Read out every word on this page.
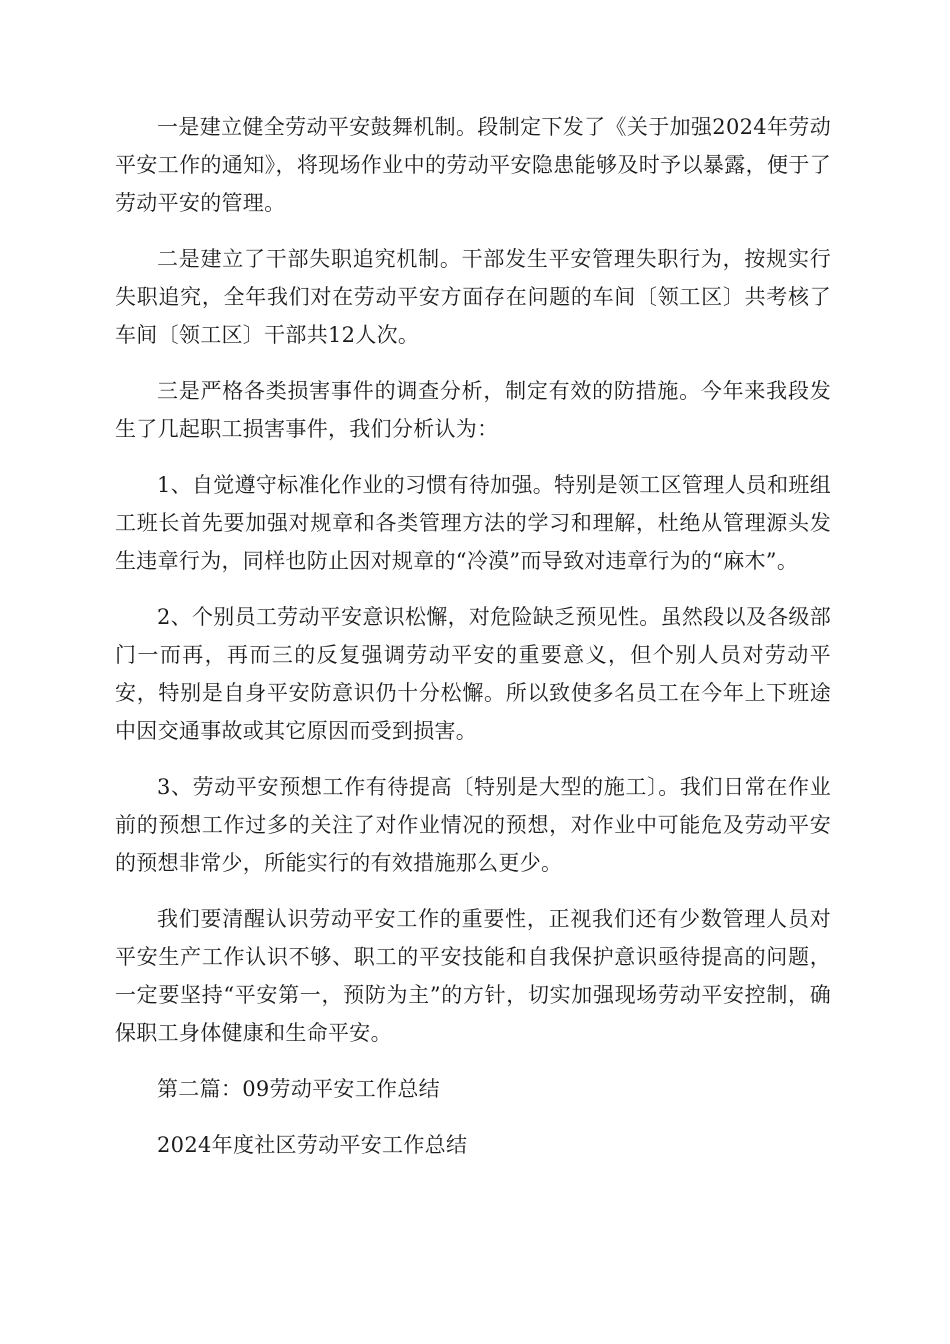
一是建立健全劳动平安鼓舞机制。段制定下发了《关于加强2024年劳动平安工作的通知》，将现场作业中的劳动平安隐患能够及时予以暴露，便于了劳动平安的管理。

二是建立了干部失职追究机制。干部发生平安管理失职行为，按规实行失职追究，全年我们对在劳动平安方面存在问题的车间〔领工区〕共考核了车间〔领工区〕干部共12人次。

三是严格各类损害事件的调查分析，制定有效的防措施。今年来我段发生了几起职工损害事件，我们分析认为：

1、自觉遵守标准化作业的习惯有待加强。特别是领工区管理人员和班组工班长首先要加强对规章和各类管理方法的学习和理解，杜绝从管理源头发生违章行为，同样也防止因对规章的“冷漠”而导致对违章行为的“麻木”。

2、个别员工劳动平安意识松懈，对危险缺乏预见性。虽然段以及各级部门一而再，再而三的反复强调劳动平安的重要意义，但个别人员对劳动平安，特别是自身平安防意识仍十分松懈。所以致使多名员工在今年上下班途中因交通事故或其它原因而受到损害。

3、劳动平安预想工作有待提高〔特别是大型的施工〕。我们日常在作业前的预想工作过多的关注了对作业情况的预想，对作业中可能危及劳动平安的预想非常少，所能实行的有效措施那么更少。

我们要清醒认识劳动平安工作的重要性，正视我们还有少数管理人员对平安生产工作认识不够、职工的平安技能和自我保护意识亟待提高的问题，一定要坚持“平安第一，预防为主”的方针，切实加强现场劳动平安控制，确保职工身体健康和生命平安。

第二篇：09劳动平安工作总结

2024年度社区劳动平安工作总结
